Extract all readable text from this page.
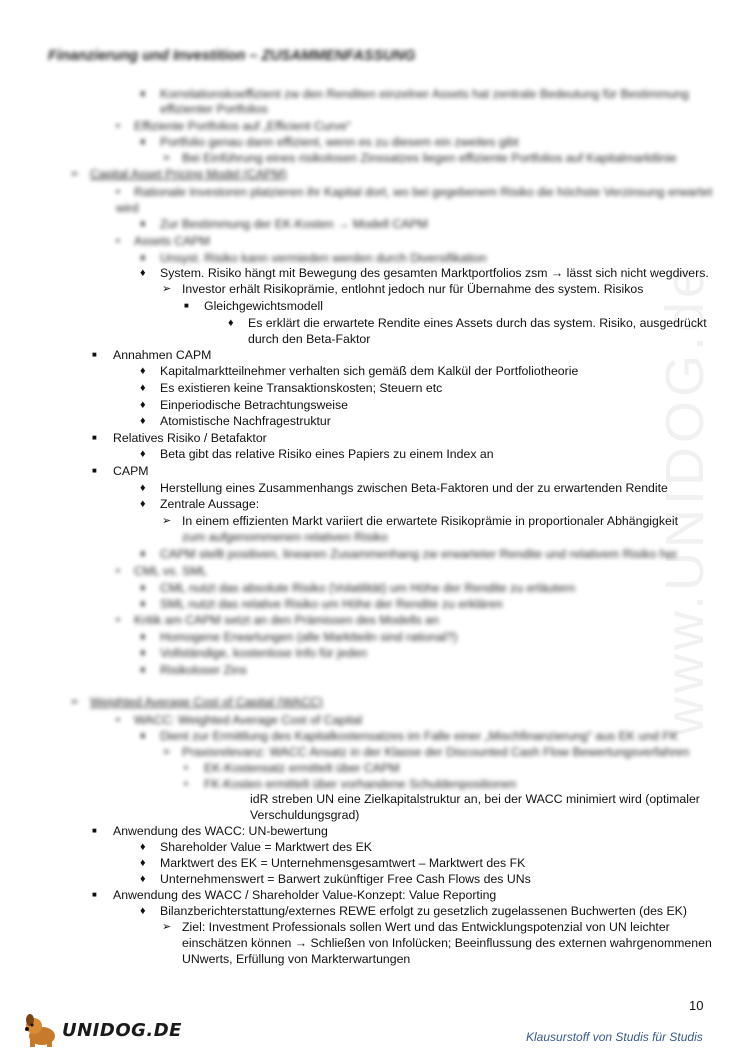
Finanzierung und Investition – ZUSAMMENFASSUNG
Korrelationskoeffizient zw den Renditen einzelner Assets hat zentrale Bedeutung für Bestimmung
♦
effizienter Portfolios
▪ Effiziente Portfolios auf „Efficient Curve“
♦ Portfolio genau dann effizient, wenn es zu diesem ein zweites gibt
➢ Bei Einführung eines risikolosen Zinssatzes liegen effiziente Portfolios auf Kapitalmarktlinie
➢ Capital Asset Pricing Model (CAPM)
▪ Rationale Investoren platzieren ihr Kapital dort, wo bei gegebenem Risiko die höchste Verzinsung erwartet
wird
♦ Zur Bestimmung der EK-Kosten → Modell CAPM
▪ Assets CAPM
♦ Unsyst. Risiko kann vermieden werden durch Diversifikation
♦ System. Risiko hängt mit Bewegung des gesamten Marktportfolios zsm → lässt sich nicht wegdivers.
➢ Investor erhält Risikoprämie, entlohnt jedoch nur für Übernahme des system. Risikos
■ Gleichgewichtsmodell
♦ Es erklärt die erwartete Rendite eines Assets durch das system. Risiko, ausgedrückt
durch den Beta-Faktor
■ Annahmen CAPM
♦ Kapitalmarktteilnehmer verhalten sich gemäß dem Kalkül der Portfoliotheorie
♦ Es existieren keine Transaktionskosten; Steuern etc
♦ Einperiodische Betrachtungsweise
♦ Atomistische Nachfragestruktur
■ Relatives Risiko / Betafaktor
♦ Beta gibt das relative Risiko eines Papiers zu einem Index an
■ CAPM
♦ Herstellung eines Zusammenhangs zwischen Beta-Faktoren und der zu erwartenden Rendite
♦ Zentrale Aussage:
➢ In einem effizienten Markt variiert die erwartete Risikoprämie in proportionaler Abhängigkeit
zum aufgenommenen relativen Risiko
♦ CAPM stellt positiven, linearen Zusammenhang zw erwarteter Rendite und relativem Risiko her
▪ CML vs. SML
♦ CML nutzt das absolute Risiko (Volatilität) um Höhe der Rendite zu erläutern
♦ SML nutzt das relative Risiko um Höhe der Rendite zu erklären
▪ Kritik am CAPM setzt an den Prämissen des Modells an
♦ Homogene Erwartungen (alle Marktteiln sind rational?)
♦ Vollständige, kostenlose Info für jeden
♦ Risikoloser Zins
➢ Weighted Average Cost of Capital (WACC)
▪ WACC: Weighted Average Cost of Capital
♦ Dient zur Ermittlung des Kapitalkostensatzes im Falle einer „Mischfinanzierung“ aus EK und FK
➢ Praxisrelevanz: WACC Ansatz in der Klasse der Discounted Cash Flow Bewertungsverfahren
▪ EK-Kostensatz ermittelt über CAPM
▪ FK-Kosten ermittelt über vorhandene Schuldenpositionen
idR streben UN eine Zielkapitalstruktur an, bei der WACC minimiert wird (optimaler
Verschuldungsgrad)
■ Anwendung des WACC: UN-bewertung
♦ Shareholder Value = Marktwert des EK
♦ Marktwert des EK = Unternehmensgesamtwert – Marktwert des FK
♦ Unternehmenswert = Barwert zukünftiger Free Cash Flows des UNs
■ Anwendung des WACC / Shareholder Value-Konzept: Value Reporting
♦ Bilanzberichterstattung/externes REWE erfolgt zu gesetzlich zugelassenen Buchwerten (des EK)
➢ Ziel: Investment Professionals sollen Wert und das Entwicklungspotenzial von UN leichter
einschätzen können → Schließen von Infolücken; Beeinflussung des externen wahrgenommenen
UNwerts, Erfüllung von Markterwartungen
www.UNIDOG.de
10
UNIDOG.DE	Klausurstoff von Studis für Studis
